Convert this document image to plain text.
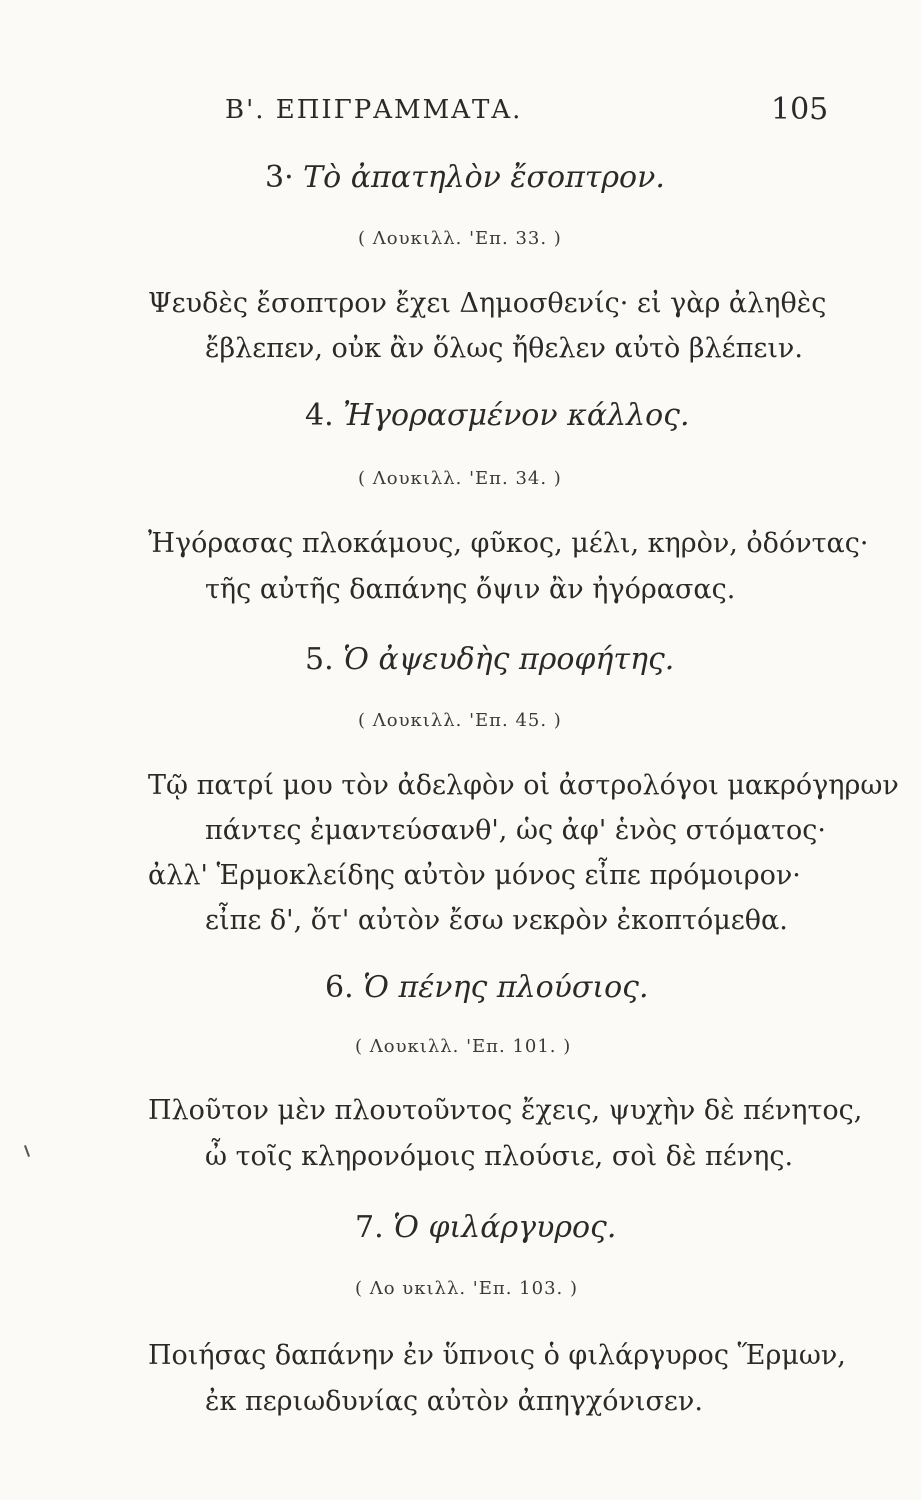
Β'. ΕΠΙΓΡΑΜΜΑΤΑ.	105
3· Τὸ ἀπατηλὸν ἔσοπτρον.
( Λουκιλλ. 'Επ. 33. )
Ψευδὲς ἔσοπτρον ἔχει Δημοσθενίς· εἰ γὰρ ἀληθὲς
ἔβλεπεν, οὐκ ἂν ὅλως ἤθελεν αὐτὸ βλέπειν.
4. Ἠγορασμένον κάλλος.
( Λουκιλλ. 'Επ. 34. )
Ἠγόρασας πλοκάμους, φῦκος, μέλι, κηρὸν, ὀδόντας·
τῆς αὐτῆς δαπάνης ὄψιν ἂν ἠγόρασας.
5. Ὁ ἀψευδὴς προφήτης.
( Λουκιλλ. 'Επ. 45. )
Τῷ πατρί μου τὸν ἀδελφὸν οἱ ἀστρολόγοι μακρόγηρων
πάντες ἐμαντεύσανθ', ὡς ἀφ' ἑνὸς στόματος·
ἀλλ' Ἑρμοκλείδης αὐτὸν μόνος εἶπε πρόμοιρον·
εἶπε δ', ὅτ' αὐτὸν ἔσω νεκρὸν ἐκοπτόμεθα.
6. Ὁ πένης πλούσιος.
( Λουκιλλ. 'Επ. 101. )
Πλοῦτον μὲν πλουτοῦντος ἔχεις, ψυχὴν δὲ πένητος,
ὦ τοῖς κληρονόμοις πλούσιε, σοὶ δὲ πένης.
7. Ὁ φιλάργυρος.
( Λο υκιλλ. 'Επ. 103. )
Ποιήσας δαπάνην ἐν ὕπνοις ὁ φιλάργυρος Ἕρμων,
ἐκ περιωδυνίας αὐτὸν ἀπηγχόνισεν.
